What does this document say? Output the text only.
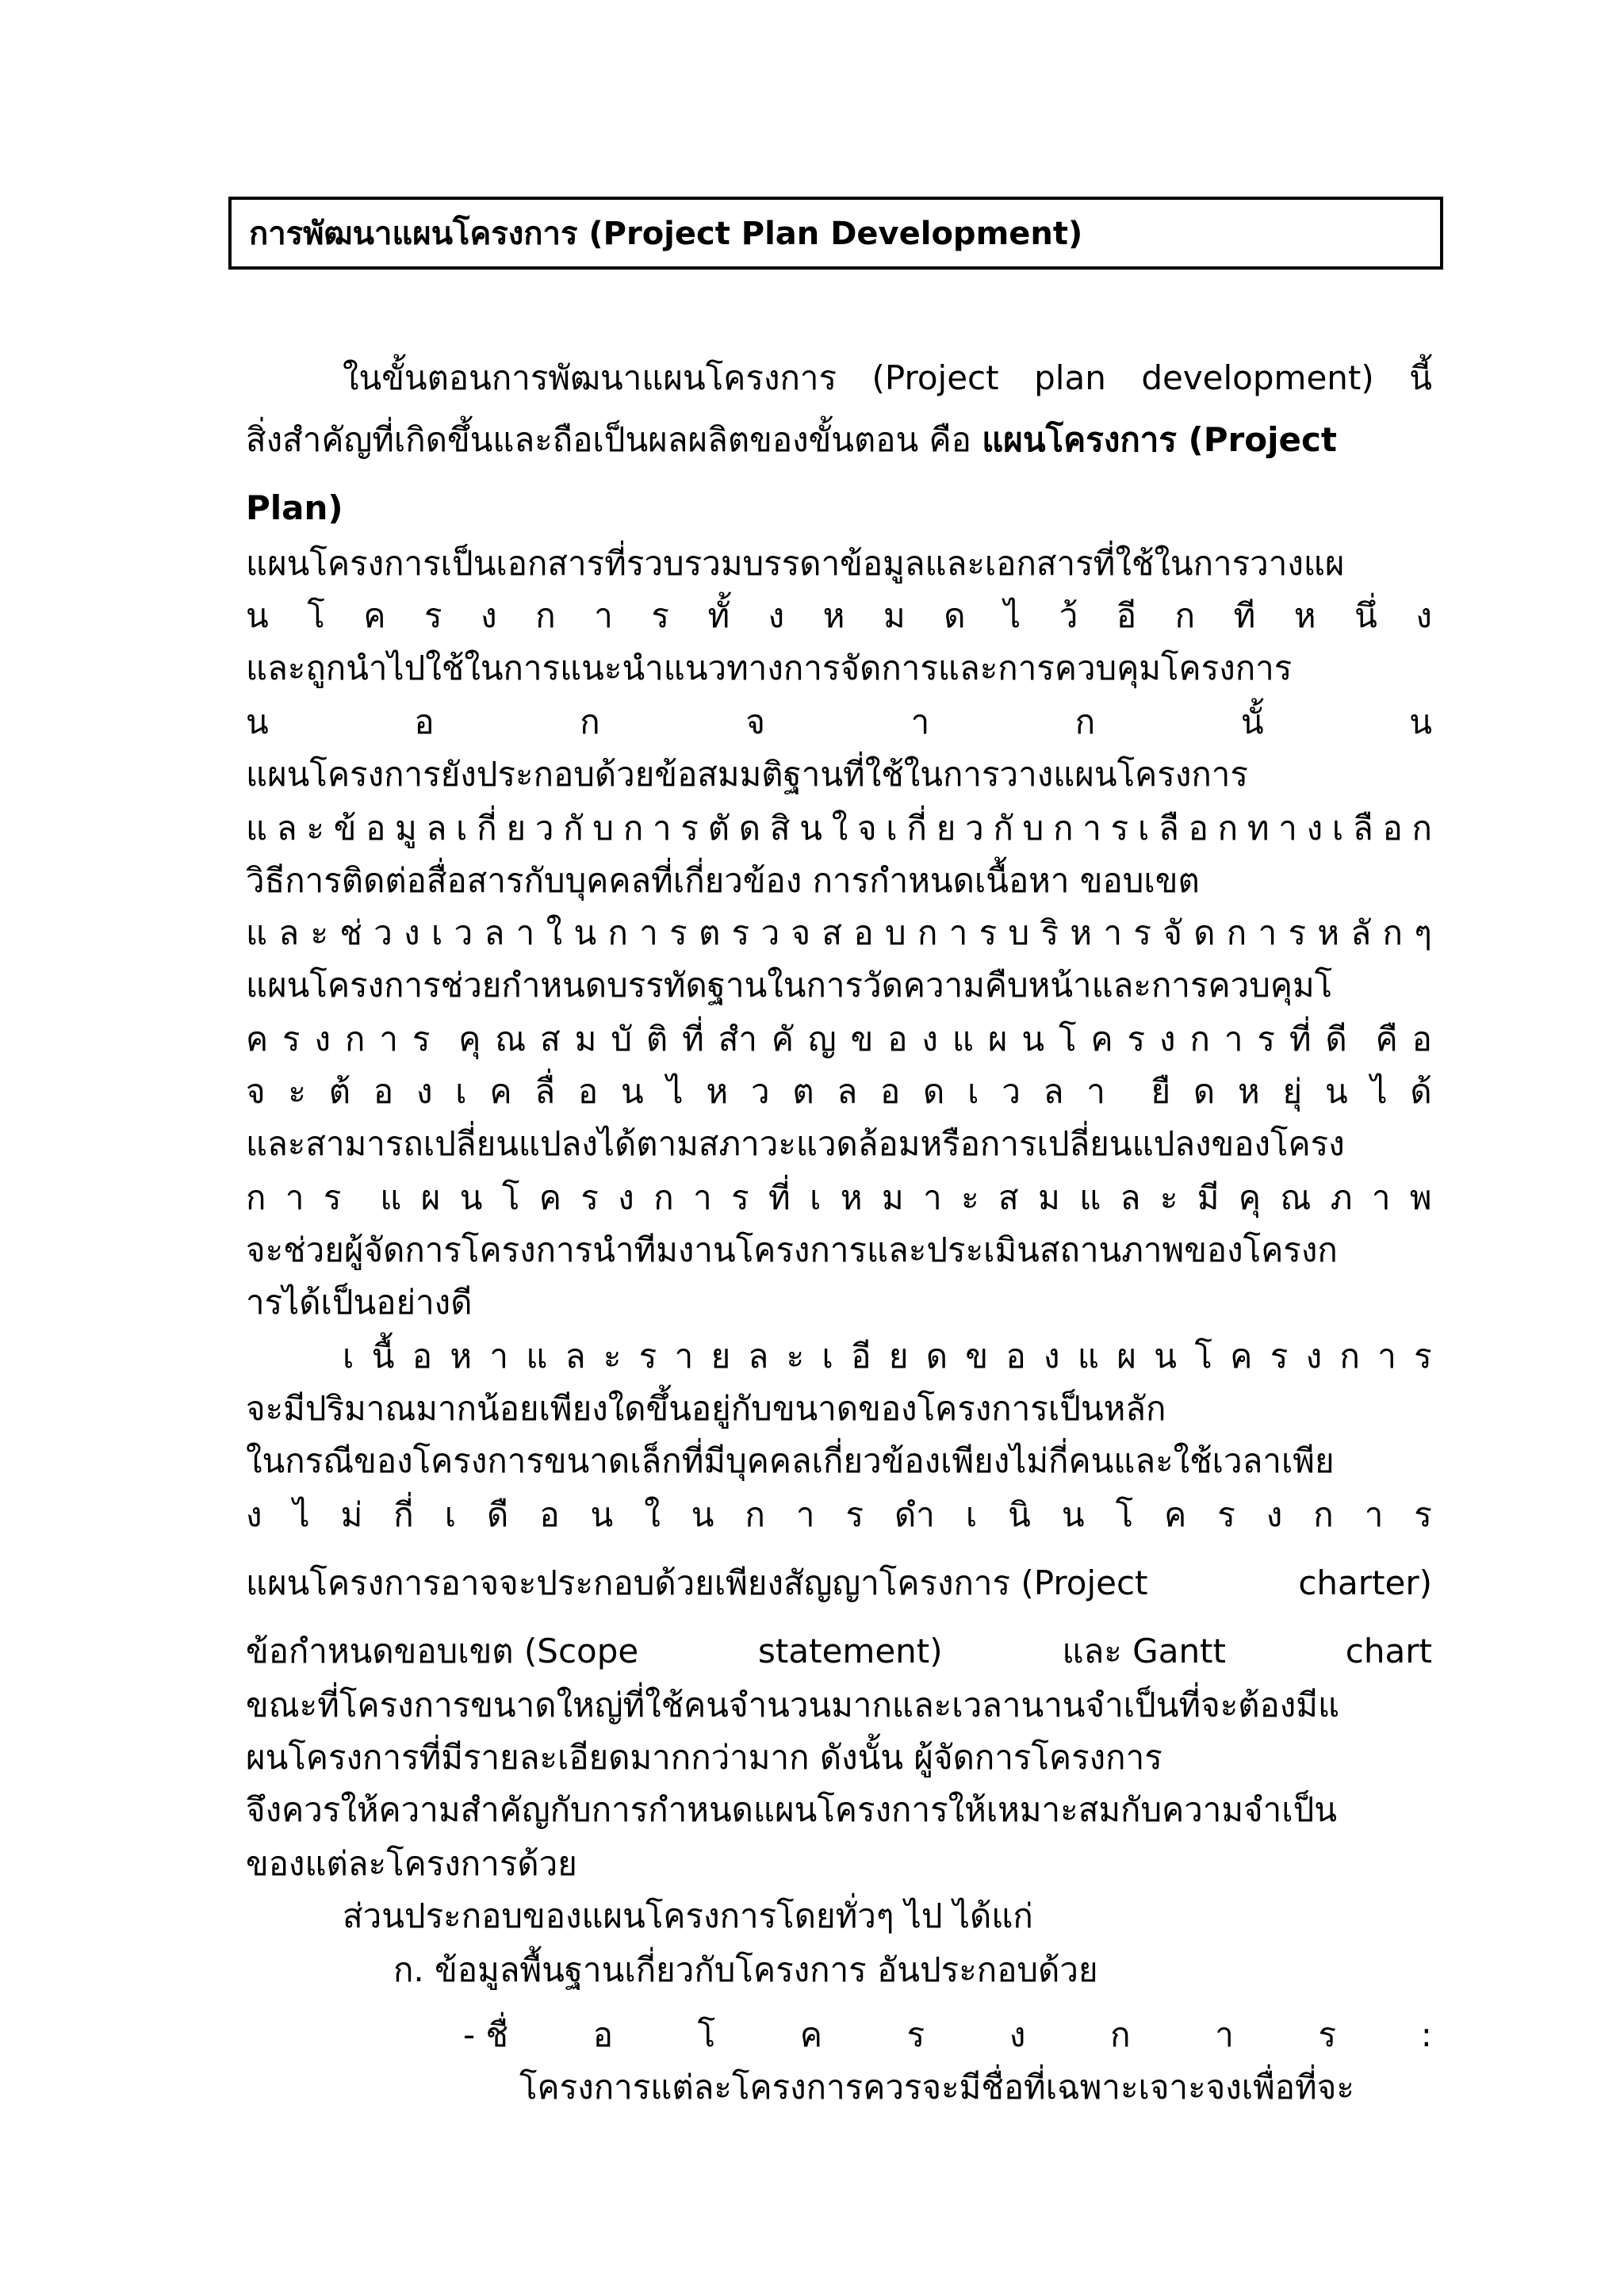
การพัฒนาแผนโครงการ (Project Plan Development)
ในขั้นตอนการพัฒนาแผนโครงการ (Project plan development) นี้
สิ่งสำคัญที่เกิดขึ้นและถือเป็นผลผลิตของขั้นตอน คือ แผนโครงการ (Project
Plan)
แผนโครงการเป็นเอกสารที่รวบรวมบรรดาข้อมูลและเอกสารที่ใช้ในการวางแผ
น โ ค ร ง ก า ร ทั้ ง ห ม ด ไ ว้ อี ก ที ห นึ่ ง
และถูกนำไปใช้ในการแนะนำแนวทางการจัดการและการควบคุมโครงการ
น	อ	ก	จ	า	ก	นั้	น
แผนโครงการยังประกอบด้วยข้อสมมติฐานที่ใช้ในการวางแผนโครงการ
แ ล ะ ข้ อ มู ล เ กี่ ย ว กั บ ก า ร ตั ด สิ น ใ จ เ กี่ ย ว กั บ ก า ร เ ลื อ ก ท า ง เ ลื อ ก
วิธีการติดต่อสื่อสารกับบุคคลที่เกี่ยวข้อง การกำหนดเนื้อหา ขอบเขต
แ ล ะ ช่ ว ง เ ว ล า ใ น ก า ร ต ร ว จ ส อ บ ก า ร บ ริ ห า ร จั ด ก า ร ห ลั ก ๆ
แผนโครงการช่วยกำหนดบรรทัดฐานในการวัดความคืบหน้าและการควบคุมโ
ค ร ง ก า ร คุ ณ ส ม บั ติ ที่ สำ คั ญ ข อ ง แ ผ น โ ค ร ง ก า ร ที่ ดี คื อ
จ ะ ต้ อ ง เ ค ลื่ อ น ไ ห ว ต ล อ ด เ ว ล า ยื ด ห ยุ่ น ไ ด้
และสามารถเปลี่ยนแปลงได้ตามสภาวะแวดล้อมหรือการเปลี่ยนแปลงของโครง
ก า ร แ ผ น โ ค ร ง ก า ร ที่ เ ห ม า ะ ส ม แ ล ะ มี คุ ณ ภ า พ
จะช่วยผู้จัดการโครงการนำทีมงานโครงการและประเมินสถานภาพของโครงก
ารได้เป็นอย่างดี
เ นื้ อ ห า แ ล ะ ร า ย ล ะ เ อี ย ด ข อ ง แ ผ น โ ค ร ง ก า ร
จะมีปริมาณมากน้อยเพียงใดขึ้นอยู่กับขนาดของโครงการเป็นหลัก
ในกรณีของโครงการขนาดเล็กที่มีบุคคลเกี่ยวข้องเพียงไม่กี่คนและใช้เวลาเพีย
ง ไ ม่ กี่ เ ดื อ น ใ น ก า ร ดำ เ นิ น โ ค ร ง ก า ร
แผนโครงการอาจจะประกอบด้วยเพียงสัญญาโครงการ (Project	charter)
ข้อกำหนดขอบเขต (Scope	statement)	และ Gantt	chart
ขณะที่โครงการขนาดใหญ่ที่ใช้คนจำนวนมากและเวลานานจำเป็นที่จะต้องมีแ
ผนโครงการที่มีรายละเอียดมากกว่ามาก ดังนั้น ผู้จัดการโครงการ
จึงควรให้ความสำคัญกับการกำหนดแผนโครงการให้เหมาะสมกับความจำเป็น
ของแต่ละโครงการด้วย
ส่วนประกอบของแผนโครงการโดยทั่วๆ ไป ได้แก่
ก. ข้อมูลพื้นฐานเกี่ยวกับโครงการ อันประกอบด้วย
- ชื่	อ	โ	ค	ร	ง	ก	า	ร	:
โครงการแต่ละโครงการควรจะมีชื่อที่เฉพาะเจาะจงเพื่อที่จะ
